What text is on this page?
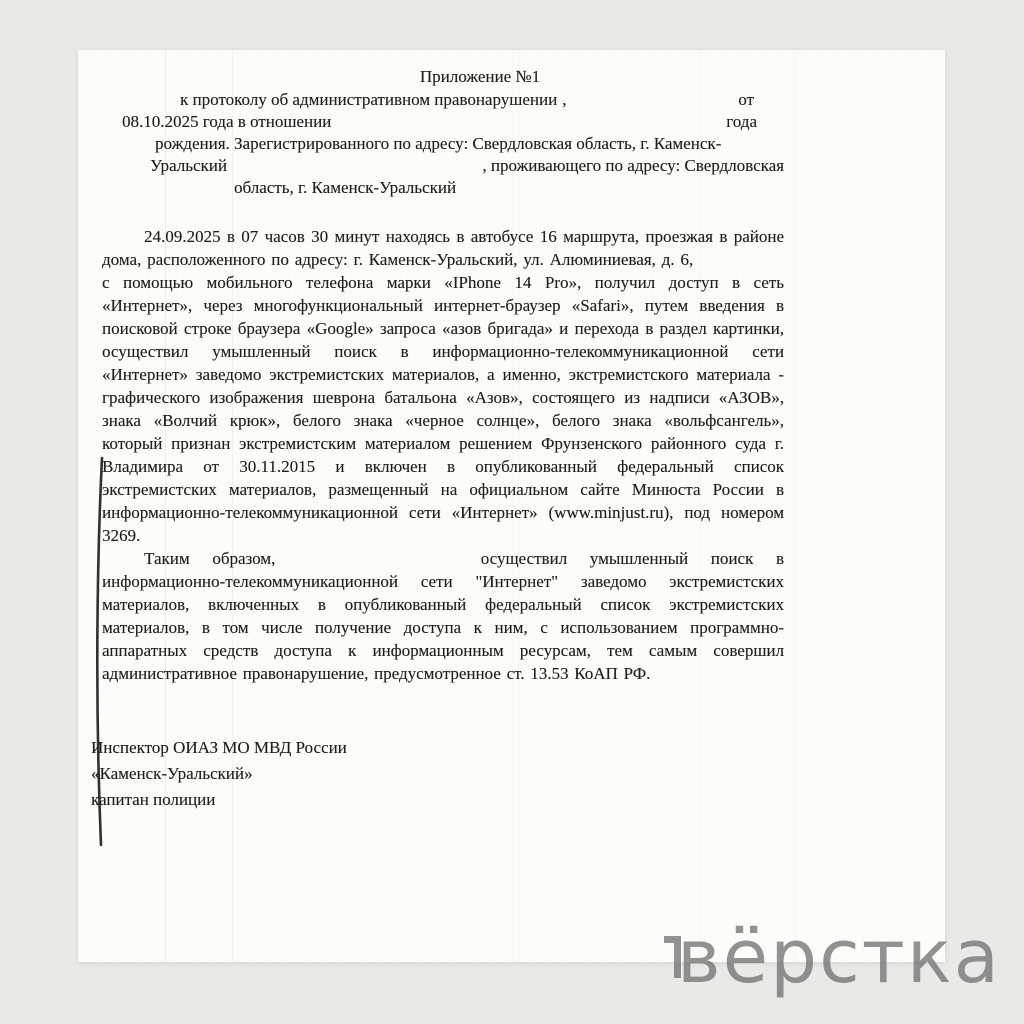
Приложение №1
к протоколу об административном правонарушении ‚	от
08.10.2025 года в отношении	года
рождения. Зарегистрированного по адресу: Свердловская область, г. Каменск-
Уральский	, проживающего по адресу: Свердловская
область, г. Каменск-Уральский

24.09.2025 в 07 часов 30 минут находясь в автобусе 16 маршрута, проезжая в районе дома, расположенного по адресу: г. Каменск-Уральский, ул. Алюминиевая, д. 6,  с помощью мобильного телефона марки «IPhone 14 Pro», получил доступ в сеть «Интернет», через многофункциональный интернет-браузер «Safari», путем введения в поисковой строке браузера «Google» запроса «азов бригада» и перехода в раздел картинки, осуществил умышленный поиск в информационно-телекоммуникационной сети «Интернет» заведомо экстремистских материалов, а именно, экстремистского материала - графического изображения шеврона батальона «Азов», состоящего из надписи «АЗОВ», знака «Волчий крюк», белого знака «черное солнце», белого знака «вольфсангель», который признан экстремистским материалом решением Фрунзенского районного суда г. Владимира от 30.11.2015 и включен в опубликованный федеральный список экстремистских материалов, размещенный на официальном сайте Минюста России в информационно-телекоммуникационной сети «Интернет» (www.minjust.ru), под номером 3269.

Таким образом,	осуществил умышленный поиск в информационно-телекоммуникационной сети "Интернет" заведомо экстремистских материалов, включенных в опубликованный федеральный список экстремистских материалов, в том числе получение доступа к ним, с использованием программно-аппаратных средств доступа к информационным ресурсам, тем самым совершил административное правонарушение, предусмотренное ст. 13.53 КоАП РФ.

Инспектор ОИАЗ МО МВД России
«Каменск-Уральский»
капитан полиции
вёрстка
